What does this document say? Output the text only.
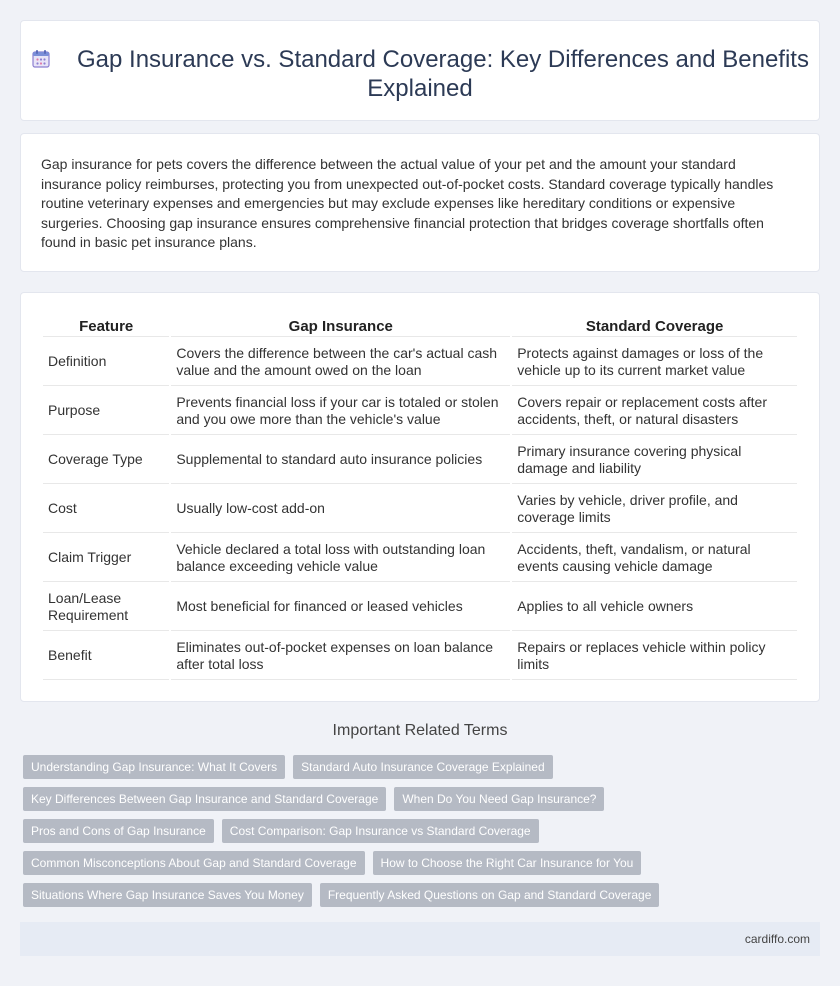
Gap Insurance vs. Standard Coverage: Key Differences and Benefits Explained

Gap insurance for pets covers the difference between the actual value of your pet and the amount your standard insurance policy reimburses, protecting you from unexpected out-of-pocket costs. Standard coverage typically handles routine veterinary expenses and emergencies but may exclude expenses like hereditary conditions or expensive surgeries. Choosing gap insurance ensures comprehensive financial protection that bridges coverage shortfalls often found in basic pet insurance plans.

Feature	Gap Insurance	Standard Coverage
Definition	Covers the difference between the car's actual cash value and the amount owed on the loan	Protects against damages or loss of the vehicle up to its current market value
Purpose	Prevents financial loss if your car is totaled or stolen and you owe more than the vehicle's value	Covers repair or replacement costs after accidents, theft, or natural disasters
Coverage Type	Supplemental to standard auto insurance policies	Primary insurance covering physical damage and liability
Cost	Usually low-cost add-on	Varies by vehicle, driver profile, and coverage limits
Claim Trigger	Vehicle declared a total loss with outstanding loan balance exceeding vehicle value	Accidents, theft, vandalism, or natural events causing vehicle damage
Loan/Lease Requirement	Most beneficial for financed or leased vehicles	Applies to all vehicle owners
Benefit	Eliminates out-of-pocket expenses on loan balance after total loss	Repairs or replaces vehicle within policy limits
Important Related Terms
Understanding Gap Insurance: What It Covers	Standard Auto Insurance Coverage Explained
Key Differences Between Gap Insurance and Standard Coverage	When Do You Need Gap Insurance?
Pros and Cons of Gap Insurance	Cost Comparison: Gap Insurance vs Standard Coverage
Common Misconceptions About Gap and Standard Coverage	How to Choose the Right Car Insurance for You
Situations Where Gap Insurance Saves You Money	Frequently Asked Questions on Gap and Standard Coverage
cardiffo.com
